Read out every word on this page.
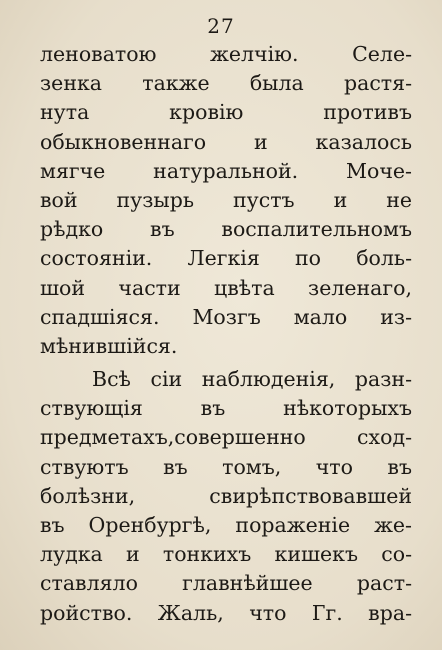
27
леноватою желчію. Селе-
зенка также была растя-
нута кровію противъ
обыкновеннаго и казалось
мягче натуральной. Моче-
вой пузырь пустъ и не
рѣдко въ воспалительномъ
состояніи. Легкія по боль-
шой части цвѣта зеленаго,
спадшіяся. Мозгъ мало из-
мѣнившійся.
Всѣ сіи наблюденія, разн-
ствующія въ нѣкоторыхъ
предметахъ,совершенно сход-
ствуютъ въ томъ, что въ
болѣзни, свирѣпствовавшей
въ Оренбургѣ, пораженіе же-
лудка и тонкихъ кишекъ со-
ставляло главнѣйшее раст-
ройство. Жаль, что Гг. вра-
